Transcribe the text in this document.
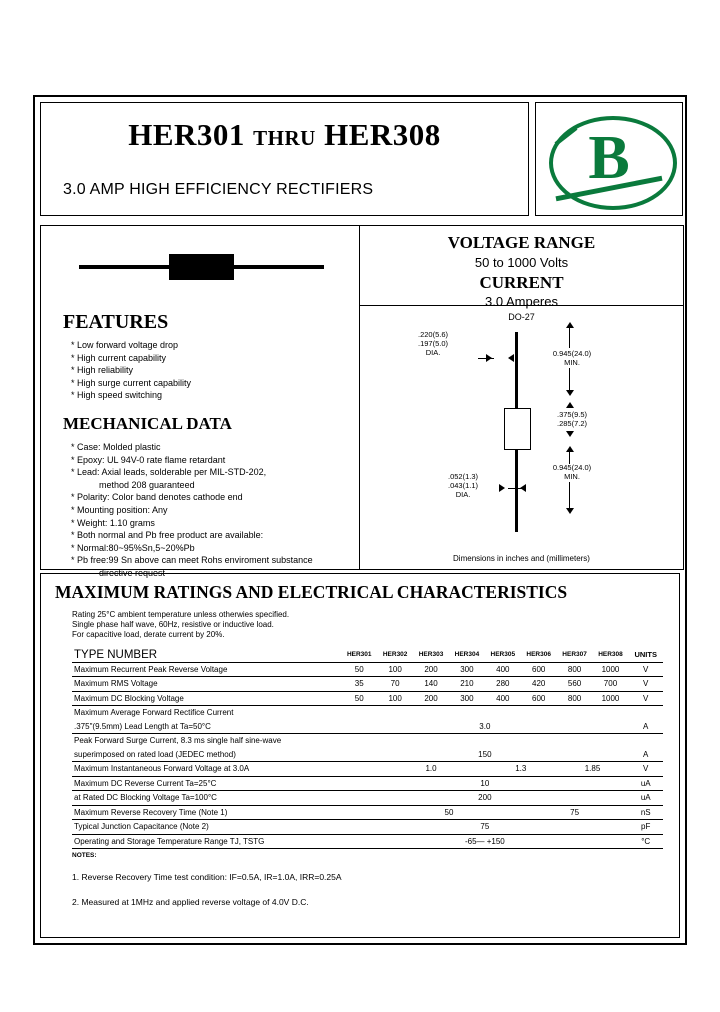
HER301 THRU HER308
3.0 AMP HIGH EFFICIENCY RECTIFIERS	B
FEATURES
* Low forward voltage drop
* High current capability
* High reliability
* High surge current capability
* High speed switching
MECHANICAL DATA
* Case: Molded plastic
* Epoxy: UL 94V-0 rate flame retardant
* Lead: Axial leads, solderable per MIL-STD-202,
method 208 guaranteed
* Polarity: Color band denotes cathode end
* Mounting position: Any
* Weight: 1.10 grams
* Both normal and Pb free product are available:
* Normal:80~95%Sn,5~20%Pb
* Pb free:99 Sn above can meet Rohs enviroment substance
directive request
VOLTAGE RANGE
50 to 1000 Volts
CURRENT
3.0 Amperes
DO-27
.220(5.6)
.197(5.0)
DIA.	0.945(24.0)
MIN.
.375(9.5)
.285(7.2)
0.945(24.0)
MIN.
.052(1.3)
.043(1.1)
DIA.
Dimensions in inches and (millimeters)
MAXIMUM RATINGS AND ELECTRICAL CHARACTERISTICS
Rating 25°C ambient temperature unless otherwies specified.
Single phase half wave, 60Hz, resistive or inductive load.
For capacitive load, derate current by 20%.
TYPE NUMBER	HER301	HER302	HER303	HER304	HER305	HER306	HER307	HER308	UNITS
Maximum Recurrent Peak Reverse Voltage	50	100	200	300	400	600	800	1000	V
Maximum RMS Voltage	35	70	140	210	280	420	560	700	V
Maximum DC Blocking Voltage	50	100	200	300	400	600	800	1000	V
Maximum Average Forward Rectifice Current									
.375"(9.5mm) Lead Length at Ta=50°C	3.0								A
Peak Forward Surge Current, 8.3 ms single half sine-wave									
superimposed on rated load (JEDEC method)	150								A
Maximum Instantaneous Forward Voltage at 3.0A		1.0			1.3		1.85		V
Maximum DC Reverse Current Ta=25°C	10								uA
at Rated DC Blocking Voltage Ta=100°C	200								uA
Maximum Reverse Recovery Time (Note 1)		50				75			nS
Typical Junction Capacitance (Note 2)	75								pF
Operating and Storage Temperature Range TJ, TSTG	-65— +150								°C
NOTES:
1. Reverse Recovery Time test condition: IF=0.5A, IR=1.0A, IRR=0.25A
2. Measured at 1MHz and applied reverse voltage of 4.0V D.C.
